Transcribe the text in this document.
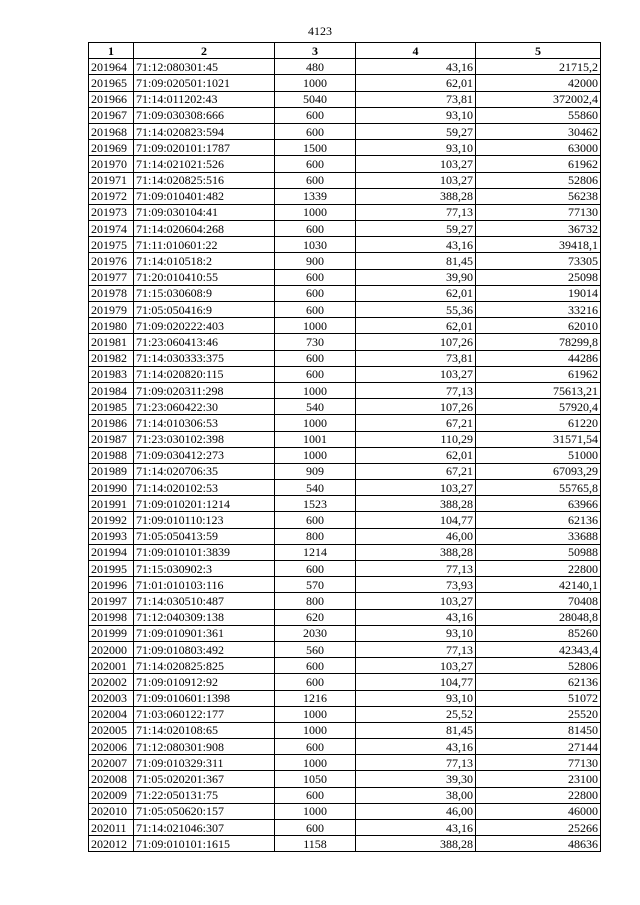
4123
1	2	3	4	5
201964	71:12:080301:45	480	43,16	21715,2
201965	71:09:020501:1021	1000	62,01	42000
201966	71:14:011202:43	5040	73,81	372002,4
201967	71:09:030308:666	600	93,10	55860
201968	71:14:020823:594	600	59,27	30462
201969	71:09:020101:1787	1500	93,10	63000
201970	71:14:021021:526	600	103,27	61962
201971	71:14:020825:516	600	103,27	52806
201972	71:09:010401:482	1339	388,28	56238
201973	71:09:030104:41	1000	77,13	77130
201974	71:14:020604:268	600	59,27	36732
201975	71:11:010601:22	1030	43,16	39418,1
201976	71:14:010518:2	900	81,45	73305
201977	71:20:010410:55	600	39,90	25098
201978	71:15:030608:9	600	62,01	19014
201979	71:05:050416:9	600	55,36	33216
201980	71:09:020222:403	1000	62,01	62010
201981	71:23:060413:46	730	107,26	78299,8
201982	71:14:030333:375	600	73,81	44286
201983	71:14:020820:115	600	103,27	61962
201984	71:09:020311:298	1000	77,13	75613,21
201985	71:23:060422:30	540	107,26	57920,4
201986	71:14:010306:53	1000	67,21	61220
201987	71:23:030102:398	1001	110,29	31571,54
201988	71:09:030412:273	1000	62,01	51000
201989	71:14:020706:35	909	67,21	67093,29
201990	71:14:020102:53	540	103,27	55765,8
201991	71:09:010201:1214	1523	388,28	63966
201992	71:09:010110:123	600	104,77	62136
201993	71:05:050413:59	800	46,00	33688
201994	71:09:010101:3839	1214	388,28	50988
201995	71:15:030902:3	600	77,13	22800
201996	71:01:010103:116	570	73,93	42140,1
201997	71:14:030510:487	800	103,27	70408
201998	71:12:040309:138	620	43,16	28048,8
201999	71:09:010901:361	2030	93,10	85260
202000	71:09:010803:492	560	77,13	42343,4
202001	71:14:020825:825	600	103,27	52806
202002	71:09:010912:92	600	104,77	62136
202003	71:09:010601:1398	1216	93,10	51072
202004	71:03:060122:177	1000	25,52	25520
202005	71:14:020108:65	1000	81,45	81450
202006	71:12:080301:908	600	43,16	27144
202007	71:09:010329:311	1000	77,13	77130
202008	71:05:020201:367	1050	39,30	23100
202009	71:22:050131:75	600	38,00	22800
202010	71:05:050620:157	1000	46,00	46000
202011	71:14:021046:307	600	43,16	25266
202012	71:09:010101:1615	1158	388,28	48636
